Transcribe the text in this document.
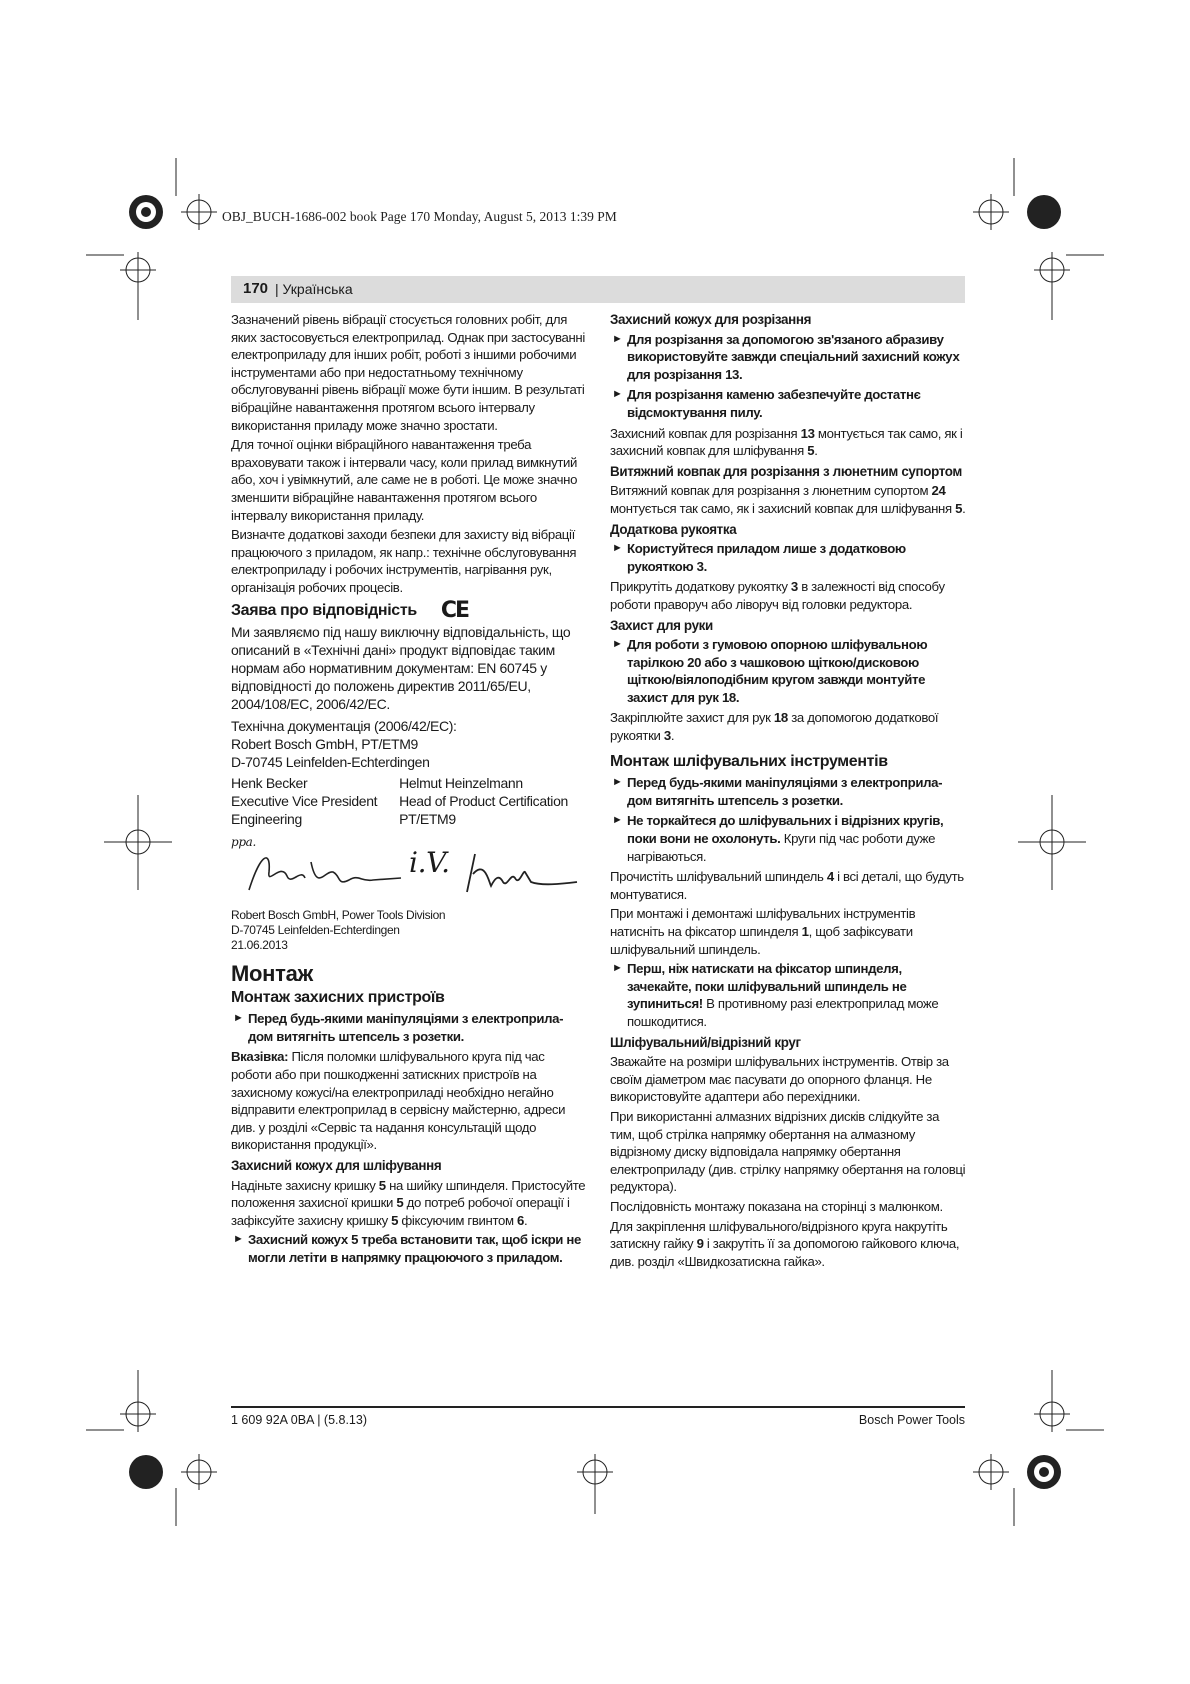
OBJ_BUCH-1686-002 book Page 170 Monday, August 5, 2013 1:39 PM
170 | Українська

Зазначений рівень вібрації стосується головних робіт, для яких застосовується електроприлад. Однак при застосуванні електроприладу для інших робіт, роботі з іншими робочими інструментами або при недостатньому технічному обслуговуванні рівень вібрації може бути іншим. В результаті вібраційне навантаження протягом всього інтервалу використання приладу може значно зростати.

Для точної оцінки вібраційного навантаження треба враховувати також і інтервали часу, коли прилад вимкнутий або, хоч і увімкнутий, але саме не в роботі. Це може значно зменшити вібраційне навантаження протягом всього інтервалу використання приладу.

Визначте додаткові заходи безпеки для захисту від вібрації працюючого з приладом, як напр.: технічне обслуговування електроприладу і робочих інструментів, нагрівання рук, організація робочих процесів.

Заява про відповідність CE

Ми заявляємо під нашу виключну відповідальність, що описаний в «Технічні дані» продукт відповідає таким нормам або нормативним документам: EN 60745 у відповідності до положень директив 2011/65/EU, 2004/108/EC, 2006/42/EC.

Технічна документація (2006/42/EC):
Robert Bosch GmbH, PT/ETM9
D-70745 Leinfelden-Echterdingen
Henk Becker
Executive Vice President
Engineering
Helmut Heinzelmann
Head of Product Certification
PT/ETM9
ppa.
i.V.
Robert Bosch GmbH, Power Tools Division
D-70745 Leinfelden-Echterdingen
21.06.2013
Монтаж
Монтаж захисних пристроїв
► Перед будь-якими маніпуляціями з електроприла-дом витягніть штепсель з розетки.

Вказівка: Після поломки шліфувального круга під час роботи або при пошкодженні затискних пристроїв на захисному кожусі/на електроприладі необхідно негайно відправити електроприлад в сервісну майстерню, адреси див. у розділі «Сервіс та надання консультацій щодо використання продукції».

Захисний кожух для шліфування

Надіньте захисну кришку 5 на шийку шпинделя. Пристосуйте положення захисної кришки 5 до потреб робочої операції і зафіксуйте захисну кришку 5 фіксуючим гвинтом 6.

► Захисний кожух 5 треба встановити так, щоб іскри не могли летіти в напрямку працюючого з приладом.
Захисний кожух для розрізання
► Для розрізання за допомогою зв'язаного абразиву використовуйте завжди спеціальний захисний кожух для розрізання 13.
► Для розрізання каменю забезпечуйте достатнє відсмоктування пилу.

Захисний ковпак для розрізання 13 монтується так само, як і захисний ковпак для шліфування 5.

Витяжний ковпак для розрізання з люнетним супортом

Витяжний ковпак для розрізання з люнетним супортом 24 монтується так само, як і захисний ковпак для шліфування 5.

Додаткова рукоятка
► Користуйтеся приладом лише з додатковою рукояткою 3.

Прикрутіть додаткову рукоятку 3 в залежності від способу роботи праворуч або ліворуч від головки редуктора.

Захист для руки
► Для роботи з гумовою опорною шліфувальною тарілкою 20 або з чашковою щіткою/дисковою щіткою/віялоподібним кругом завжди монтуйте захист для рук 18.

Закріплюйте захист для рук 18 за допомогою додаткової рукоятки 3.

Монтаж шліфувальних інструментів
► Перед будь-якими маніпуляціями з електроприла-дом витягніть штепсель з розетки.
► Не торкайтеся до шліфувальних і відрізних кругів, поки вони не охолонуть. Круги під час роботи дуже нагріваються.

Прочистіть шліфувальний шпиндель 4 і всі деталі, що будуть монтуватися.

При монтажі і демонтажі шліфувальних інструментів натисніть на фіксатор шпинделя 1, щоб зафіксувати шліфувальний шпиндель.

► Перш, ніж натискати на фіксатор шпинделя, зачекайте, поки шліфувальний шпиндель не зупиниться! В противному разі електроприлад може пошкодитися.
Шліфувальний/відрізний круг

Зважайте на розміри шліфувальних інструментів. Отвір за своїм діаметром має пасувати до опорного фланця. Не використовуйте адаптери або перехідники.

При використанні алмазних відрізних дисків слідкуйте за тим, щоб стрілка напрямку обертання на алмазному відрізному диску відповідала напрямку обертання електроприладу (див. стрілку напрямку обертання на головці редуктора).

Послідовність монтажу показана на сторінці з малюнком.

Для закріплення шліфувального/відрізного круга накрутіть затискну гайку 9 і закрутіть її за допомогою гайкового ключа, див. розділ «Швидкозатискна гайка».

1 609 92A 0BA | (5.8.13)	Bosch Power Tools
